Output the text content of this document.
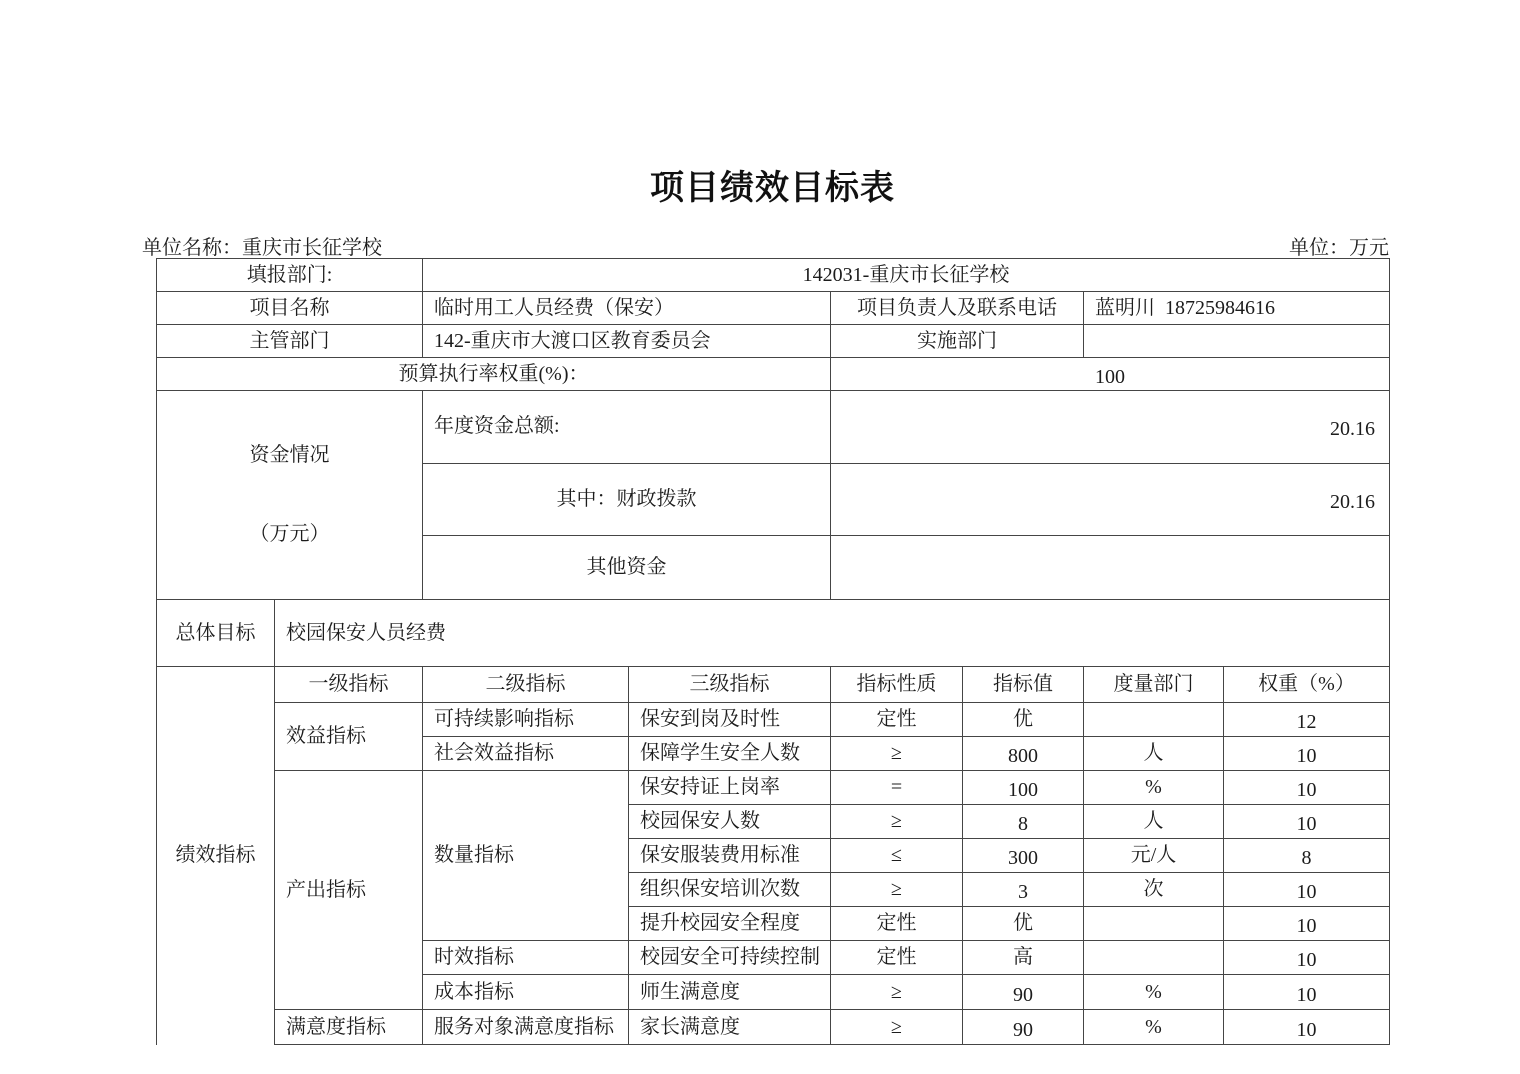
项目绩效目标表
单位名称：重庆市长征学校	单位：万元
填报部门:		142031-重庆市长征学校					
项目名称		临时用工人员经费（保安）		项目负责人及联系电话		蓝明川  18725984616	
主管部门		142-重庆市大渡口区教育委员会		实施部门			
预算执行率权重(%)：				100			

资金情况

（万元）		年度资金总额:		20.16			
		其中：财政拨款		20.16			
		其他资金					
总体目标	校园保安人员经费						
绩效指标	一级指标	二级指标	三级指标	指标性质	指标值	度量部门	权重（%）
	效益指标	可持续影响指标	保安到岗及时性	定性	优		12
		社会效益指标	保障学生安全人数	≥	800	人	10
	产出指标	数量指标	保安持证上岗率	=	100	%	10
			校园保安人数	≥	8	人	10
			保安服装费用标准	≤	300	元/人	8
			组织保安培训次数	≥	3	次	10
			提升校园安全程度	定性	优		10
		时效指标	校园安全可持续控制	定性	高		10
		成本指标	师生满意度	≥	90	%	10
	满意度指标	服务对象满意度指标	家长满意度	≥	90	%	10
